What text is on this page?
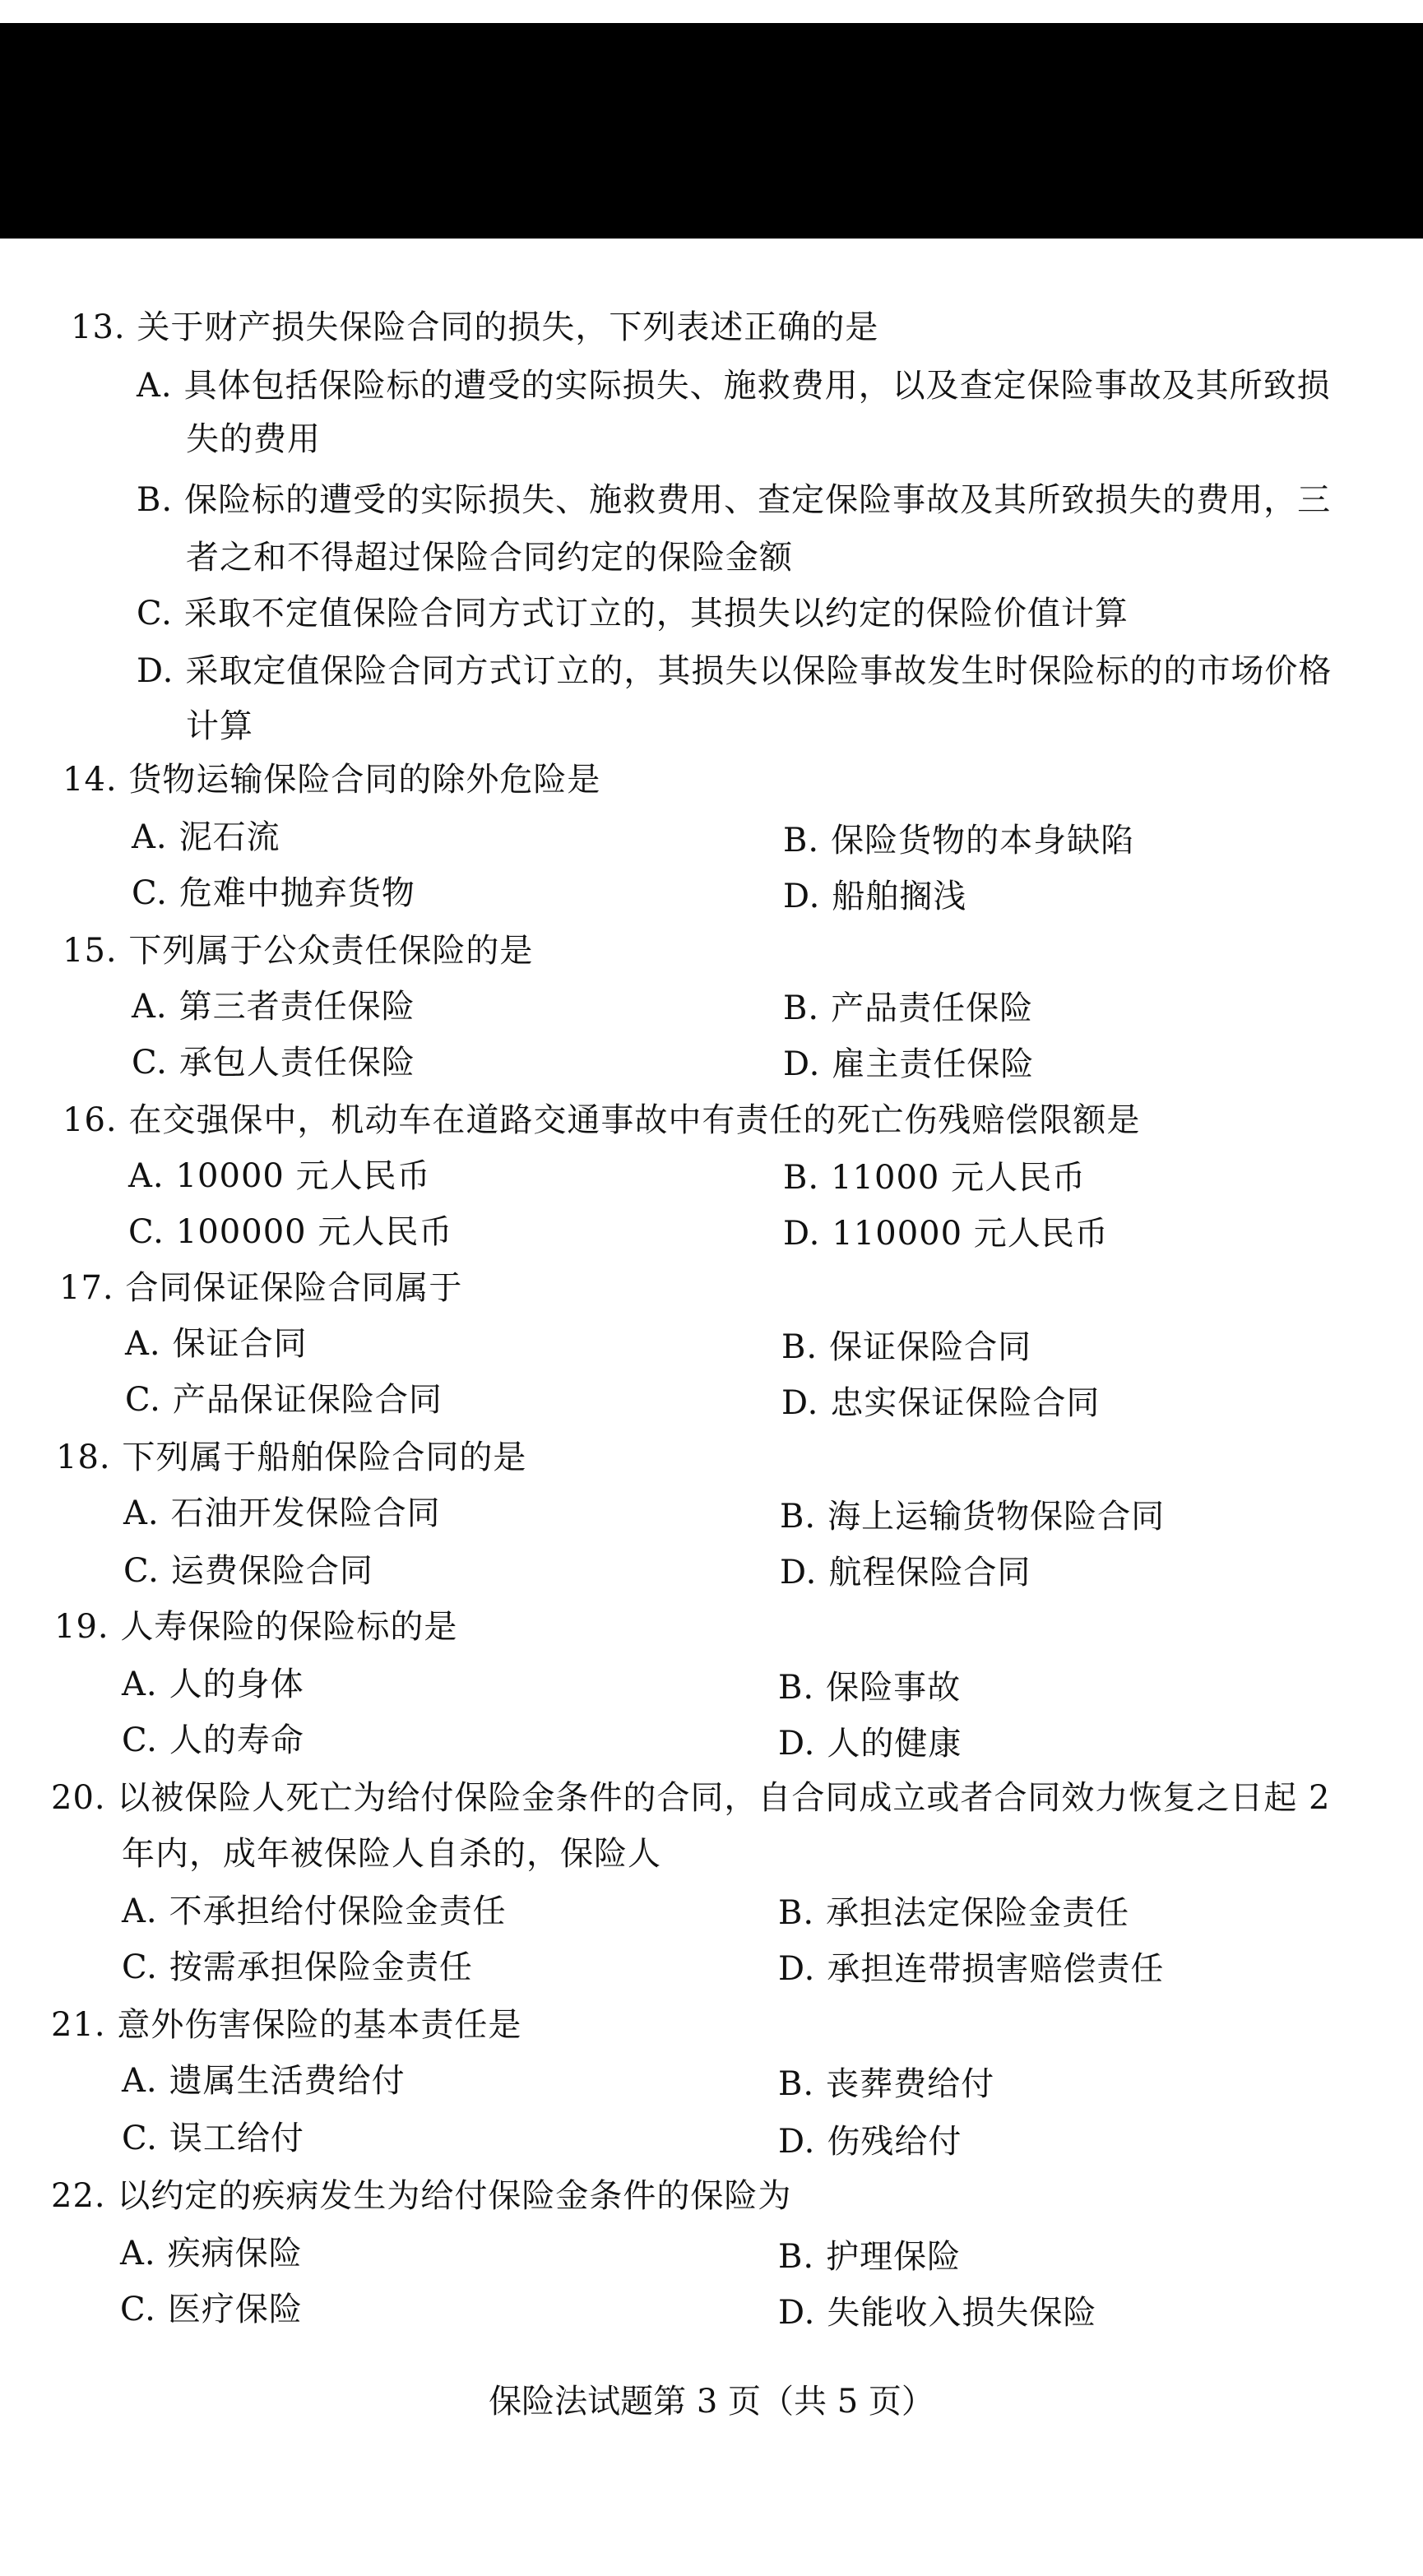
13. 关于财产损失保险合同的损失，下列表述正确的是
A. 具体包括保险标的遭受的实际损失、施救费用，以及查定保险事故及其所致损
失的费用
B. 保险标的遭受的实际损失、施救费用、查定保险事故及其所致损失的费用，三
者之和不得超过保险合同约定的保险金额
C. 采取不定值保险合同方式订立的，其损失以约定的保险价值计算
D. 采取定值保险合同方式订立的，其损失以保险事故发生时保险标的的市场价格
计算
14. 货物运输保险合同的除外危险是
A. 泥石流	B. 保险货物的本身缺陷
C. 危难中抛弃货物	D. 船舶搁浅
15. 下列属于公众责任保险的是
A. 第三者责任保险	B. 产品责任保险
C. 承包人责任保险	D. 雇主责任保险
16. 在交强保中，机动车在道路交通事故中有责任的死亡伤残赔偿限额是
A. 10000 元人民币	B. 11000 元人民币
C. 100000 元人民币	D. 110000 元人民币
17. 合同保证保险合同属于
A. 保证合同	B. 保证保险合同
C. 产品保证保险合同	D. 忠实保证保险合同
18. 下列属于船舶保险合同的是
A. 石油开发保险合同	B. 海上运输货物保险合同
C. 运费保险合同	D. 航程保险合同
19. 人寿保险的保险标的是
A. 人的身体	B. 保险事故
C. 人的寿命	D. 人的健康
20. 以被保险人死亡为给付保险金条件的合同，自合同成立或者合同效力恢复之日起 2
年内，成年被保险人自杀的，保险人
A. 不承担给付保险金责任	B. 承担法定保险金责任
C. 按需承担保险金责任	D. 承担连带损害赔偿责任
21. 意外伤害保险的基本责任是
A. 遗属生活费给付	B. 丧葬费给付
C. 误工给付	D. 伤残给付
22. 以约定的疾病发生为给付保险金条件的保险为
A. 疾病保险	B. 护理保险
C. 医疗保险	D. 失能收入损失保险
保险法试题第 3 页（共 5 页）
